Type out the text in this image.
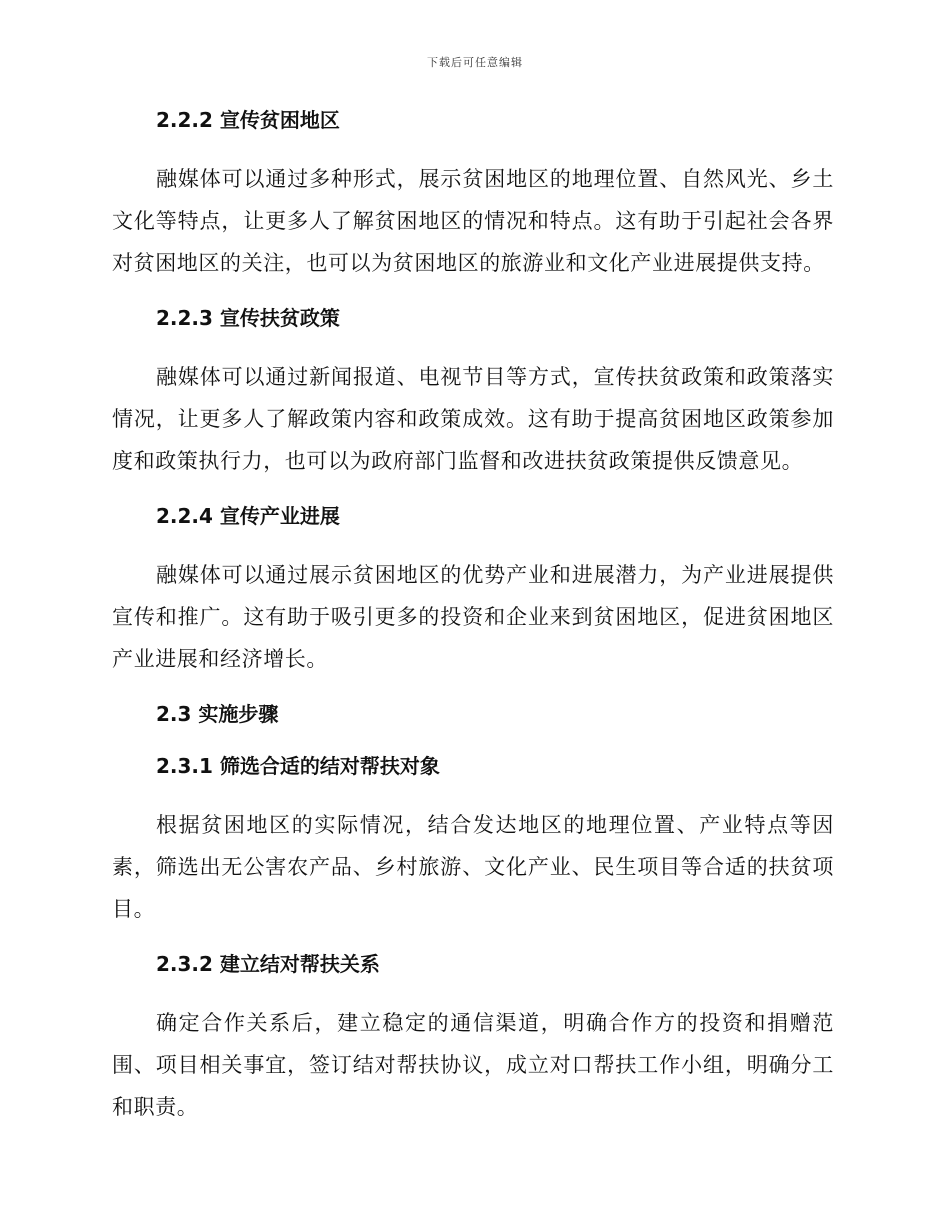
下载后可任意编辑
2.2.2 宣传贫困地区

融媒体可以通过多种形式，展示贫困地区的地理位置、自然风光、乡土文化等特点，让更多人了解贫困地区的情况和特点。这有助于引起社会各界对贫困地区的关注，也可以为贫困地区的旅游业和文化产业进展提供支持。

2.2.3 宣传扶贫政策

融媒体可以通过新闻报道、电视节目等方式，宣传扶贫政策和政策落实情况，让更多人了解政策内容和政策成效。这有助于提高贫困地区政策参加度和政策执行力，也可以为政府部门监督和改进扶贫政策提供反馈意见。

2.2.4 宣传产业进展

融媒体可以通过展示贫困地区的优势产业和进展潜力，为产业进展提供宣传和推广。这有助于吸引更多的投资和企业来到贫困地区，促进贫困地区产业进展和经济增长。

2.3 实施步骤
2.3.1 筛选合适的结对帮扶对象

根据贫困地区的实际情况，结合发达地区的地理位置、产业特点等因素，筛选出无公害农产品、乡村旅游、文化产业、民生项目等合适的扶贫项目。

2.3.2 建立结对帮扶关系

确定合作关系后，建立稳定的通信渠道，明确合作方的投资和捐赠范围、项目相关事宜，签订结对帮扶协议，成立对口帮扶工作小组，明确分工和职责。
